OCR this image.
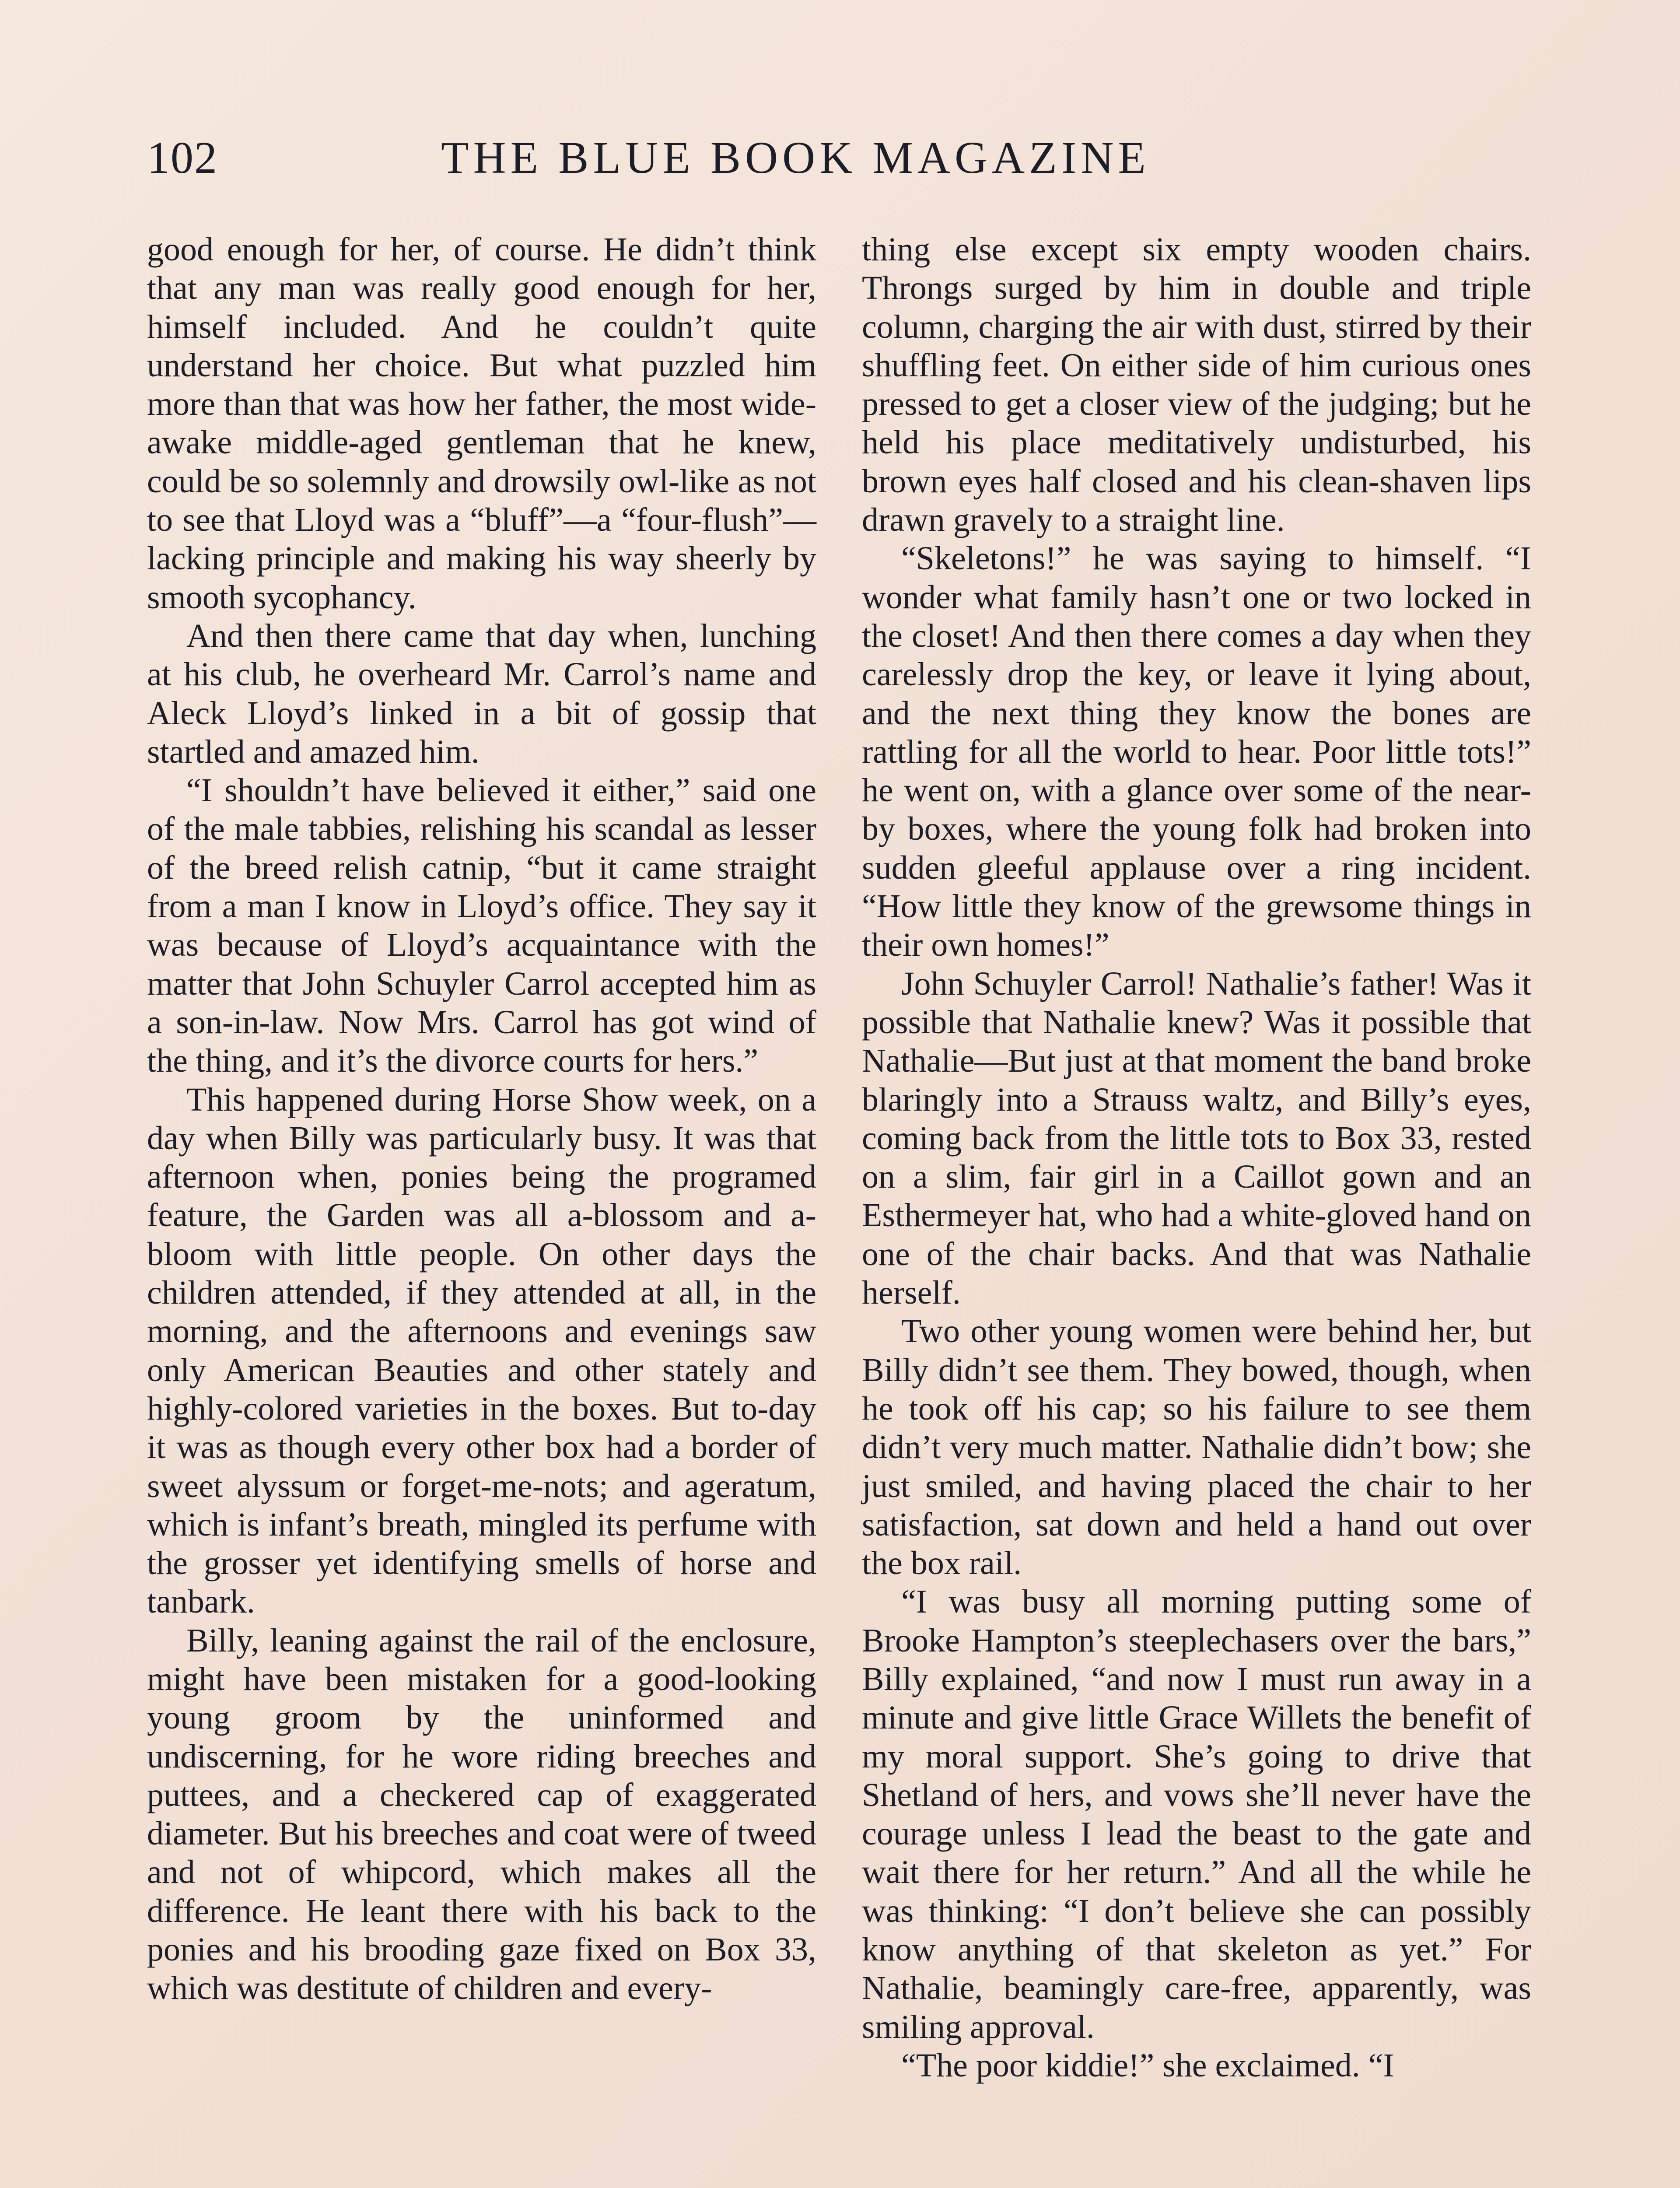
102	THE BLUE BOOK MAGAZINE

good enough for her, of course. He didn’t think that any man was really good enough for her, himself included. And he couldn’t quite understand her choice. But what puzzled him more than that was how her father, the most wide-awake middle-aged gentleman that he knew, could be so solemnly and drowsily owl-like as not to see that Lloyd was a “bluff”—a “four-flush”—lacking principle and making his way sheerly by smooth sycophancy.

And then there came that day when, lunching at his club, he overheard Mr. Carrol’s name and Aleck Lloyd’s linked in a bit of gossip that startled and amazed him.

“I shouldn’t have believed it either,” said one of the male tabbies, relishing his scandal as lesser of the breed relish catnip, “but it came straight from a man I know in Lloyd’s office. They say it was because of Lloyd’s acquaintance with the matter that John Schuyler Carrol accepted him as a son-in-law. Now Mrs. Carrol has got wind of the thing, and it’s the divorce courts for hers.”

This happened during Horse Show week, on a day when Billy was particularly busy. It was that afternoon when, ponies being the programed feature, the Garden was all a-blossom and a-bloom with little people. On other days the children attended, if they attended at all, in the morning, and the afternoons and evenings saw only American Beauties and other stately and highly-colored varieties in the boxes. But to-day it was as though every other box had a border of sweet alyssum or forget-me-nots; and ageratum, which is infant’s breath, mingled its perfume with the grosser yet identifying smells of horse and tanbark.

Billy, leaning against the rail of the enclosure, might have been mistaken for a good-looking young groom by the uninformed and undiscerning, for he wore riding breeches and puttees, and a checkered cap of exaggerated diameter. But his breeches and coat were of tweed and not of whipcord, which makes all the difference. He leant there with his back to the ponies and his brooding gaze fixed on Box 33, which was destitute of children and every-

thing else except six empty wooden chairs. Throngs surged by him in double and triple column, charging the air with dust, stirred by their shuffling feet. On either side of him curious ones pressed to get a closer view of the judging; but he held his place meditatively undisturbed, his brown eyes half closed and his clean-shaven lips drawn gravely to a straight line.

“Skeletons!” he was saying to himself. “I wonder what family hasn’t one or two locked in the closet! And then there comes a day when they carelessly drop the key, or leave it lying about, and the next thing they know the bones are rattling for all the world to hear. Poor little tots!” he went on, with a glance over some of the near-by boxes, where the young folk had broken into sudden gleeful applause over a ring incident. “How little they know of the grewsome things in their own homes!”

John Schuyler Carrol! Nathalie’s father! Was it possible that Nathalie knew? Was it possible that Nathalie—But just at that moment the band broke blaringly into a Strauss waltz, and Billy’s eyes, coming back from the little tots to Box 33, rested on a slim, fair girl in a Caillot gown and an Esthermeyer hat, who had a white-gloved hand on one of the chair backs. And that was Nathalie herself.

Two other young women were behind her, but Billy didn’t see them. They bowed, though, when he took off his cap; so his failure to see them didn’t very much matter. Nathalie didn’t bow; she just smiled, and having placed the chair to her satisfaction, sat down and held a hand out over the box rail.

“I was busy all morning putting some of Brooke Hampton’s steeplechasers over the bars,” Billy explained, “and now I must run away in a minute and give little Grace Willets the benefit of my moral support. She’s going to drive that Shetland of hers, and vows she’ll never have the courage unless I lead the beast to the gate and wait there for her return.” And all the while he was thinking: “I don’t believe she can possibly know anything of that skeleton as yet.” For Nathalie, beamingly care-free, apparently, was smiling approval.

“The poor kiddie!” she exclaimed. “I
